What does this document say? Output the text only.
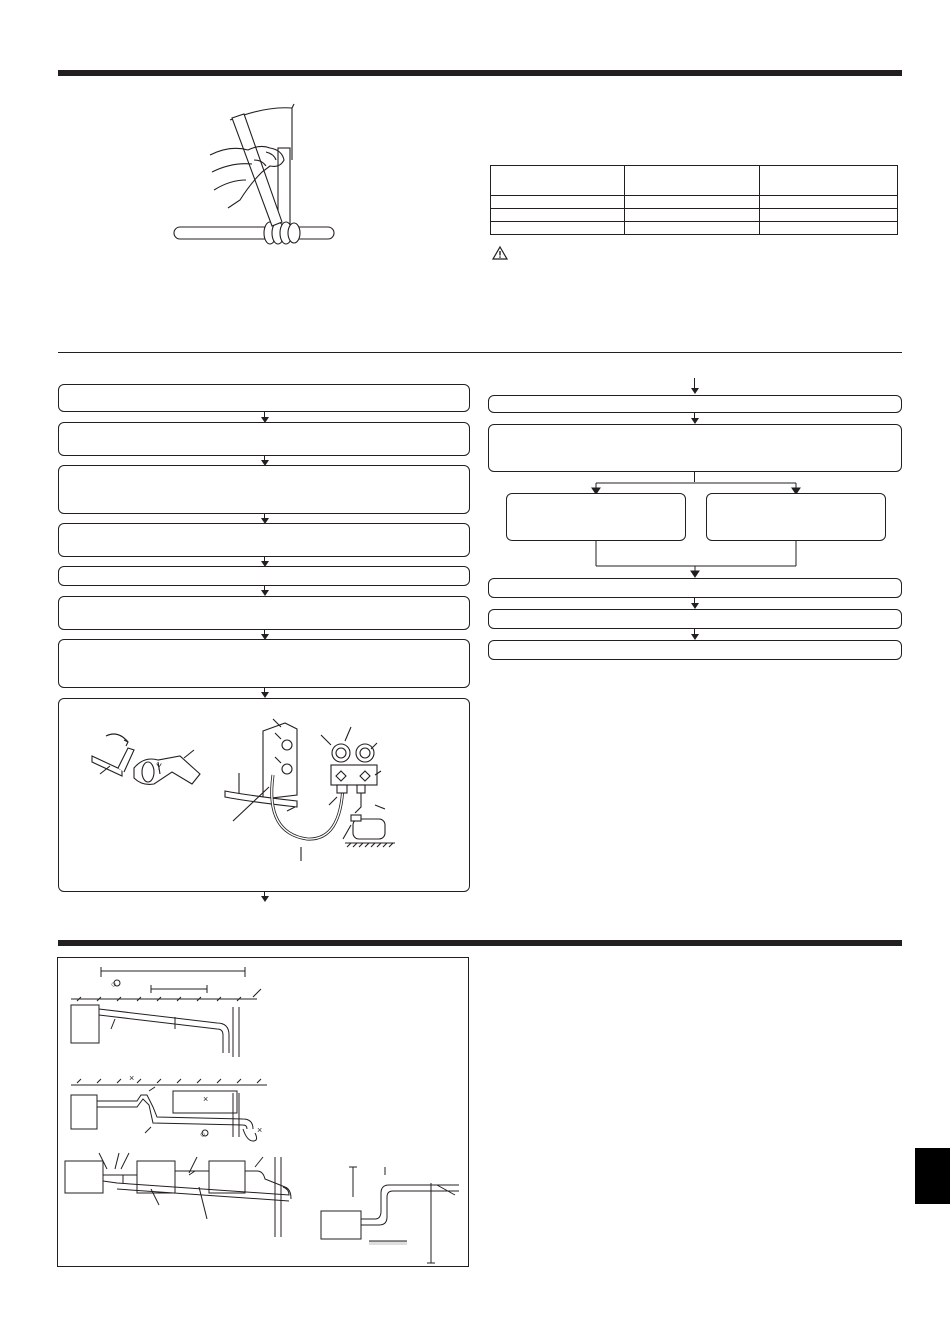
Y
×
×
×
○
○
